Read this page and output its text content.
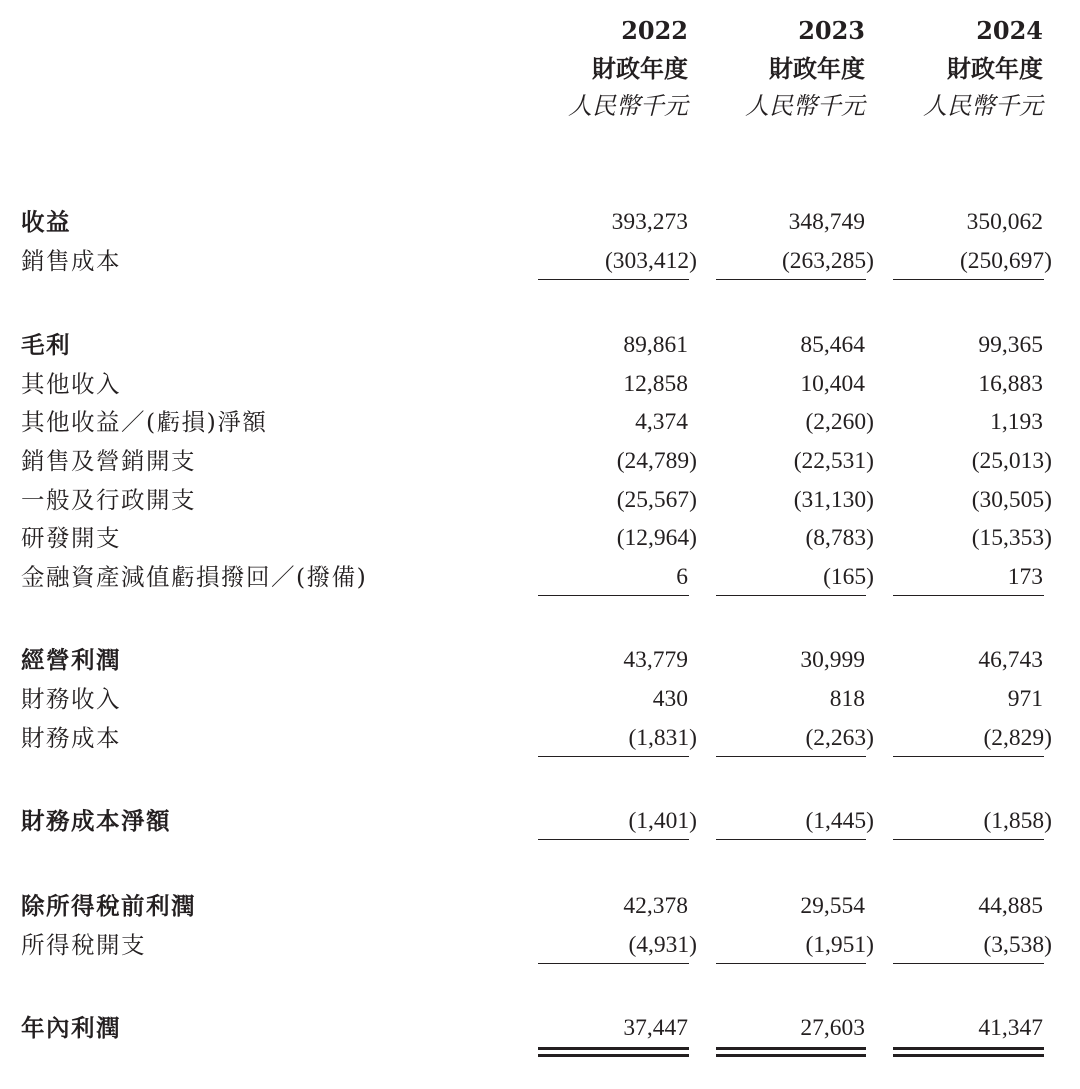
2022	2023	2024
財政年度	財政年度	財政年度
人民幣千元 人民幣千元 人民幣千元
收益	393,273	348,749	350,062
銷售成本	(303,412)	(263,285)	(250,697)
毛利	89,861	85,464	99,365
其他收入	12,858	10,404	16,883
其他收益／(虧損)淨額	4,374	(2,260)	1,193
銷售及營銷開支	(24,789)	(22,531)	(25,013)
一般及行政開支	(25,567)	(31,130)	(30,505)
研發開支	(12,964)	(8,783)	(15,353)
金融資產減值虧損撥回／(撥備)	6	(165)	173
經營利潤	43,779	30,999	46,743
財務收入	430	818	971
財務成本	(1,831)	(2,263)	(2,829)
財務成本淨額	(1,401)	(1,445)	(1,858)
除所得稅前利潤	42,378	29,554	44,885
所得稅開支	(4,931)	(1,951)	(3,538)
年內利潤	37,447	27,603	41,347
